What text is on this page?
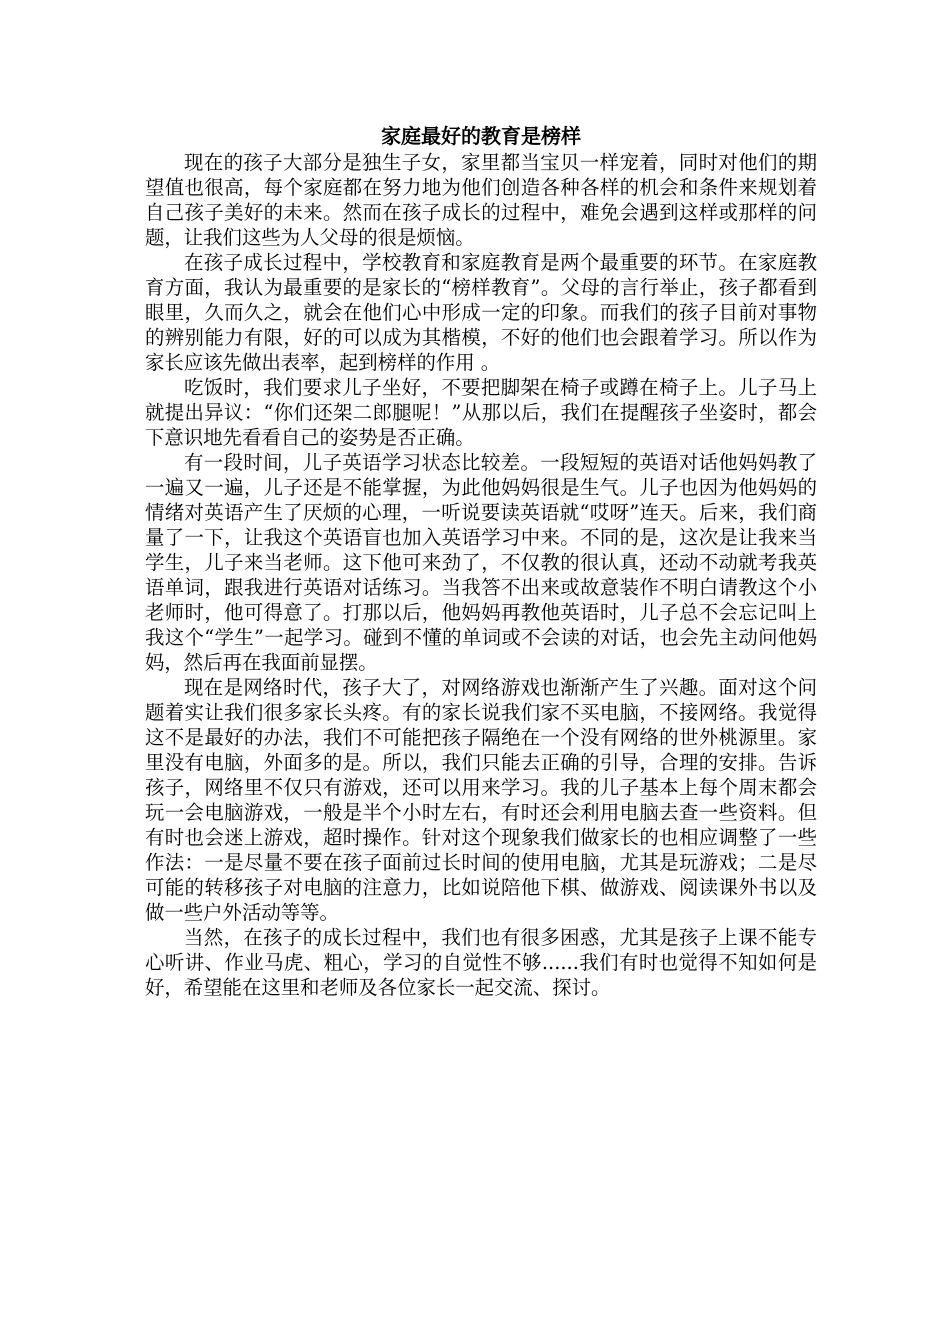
家庭最好的教育是榜样

现在的孩子大部分是独生子女，家里都当宝贝一样宠着，同时对他们的期望值也很高，每个家庭都在努力地为他们创造各种各样的机会和条件来规划着自己孩子美好的未来。然而在孩子成长的过程中，难免会遇到这样或那样的问题，让我们这些为人父母的很是烦恼。

在孩子成长过程中，学校教育和家庭教育是两个最重要的环节。在家庭教育方面，我认为最重要的是家长的“榜样教育”。父母的言行举止，孩子都看到眼里，久而久之，就会在他们心中形成一定的印象。而我们的孩子目前对事物的辨别能力有限，好的可以成为其楷模，不好的他们也会跟着学习。所以作为家长应该先做出表率，起到榜样的作用 。

吃饭时，我们要求儿子坐好，不要把脚架在椅子或蹲在椅子上。儿子马上就提出异议：“你们还架二郎腿呢！”从那以后，我们在提醒孩子坐姿时，都会下意识地先看看自己的姿势是否正确。

有一段时间，儿子英语学习状态比较差。一段短短的英语对话他妈妈教了一遍又一遍，儿子还是不能掌握，为此他妈妈很是生气。儿子也因为他妈妈的情绪对英语产生了厌烦的心理，一听说要读英语就“哎呀”连天。后来，我们商量了一下，让我这个英语盲也加入英语学习中来。不同的是，这次是让我来当学生，儿子来当老师。这下他可来劲了，不仅教的很认真，还动不动就考我英语单词，跟我进行英语对话练习。当我答不出来或故意装作不明白请教这个小老师时，他可得意了。打那以后，他妈妈再教他英语时，儿子总不会忘记叫上我这个“学生”一起学习。碰到不懂的单词或不会读的对话，也会先主动问他妈妈，然后再在我面前显摆。

现在是网络时代，孩子大了，对网络游戏也渐渐产生了兴趣。面对这个问题着实让我们很多家长头疼。有的家长说我们家不买电脑，不接网络。我觉得这不是最好的办法，我们不可能把孩子隔绝在一个没有网络的世外桃源里。家里没有电脑，外面多的是。所以，我们只能去正确的引导，合理的安排。告诉孩子，网络里不仅只有游戏，还可以用来学习。我的儿子基本上每个周末都会玩一会电脑游戏，一般是半个小时左右，有时还会利用电脑去查一些资料。但有时也会迷上游戏，超时操作。针对这个现象我们做家长的也相应调整了一些作法：一是尽量不要在孩子面前过长时间的使用电脑，尤其是玩游戏；二是尽可能的转移孩子对电脑的注意力，比如说陪他下棋、做游戏、阅读课外书以及做一些户外活动等等。

当然，在孩子的成长过程中，我们也有很多困惑，尤其是孩子上课不能专心听讲、作业马虎、粗心，学习的自觉性不够......我们有时也觉得不知如何是好，希望能在这里和老师及各位家长一起交流、探讨。
